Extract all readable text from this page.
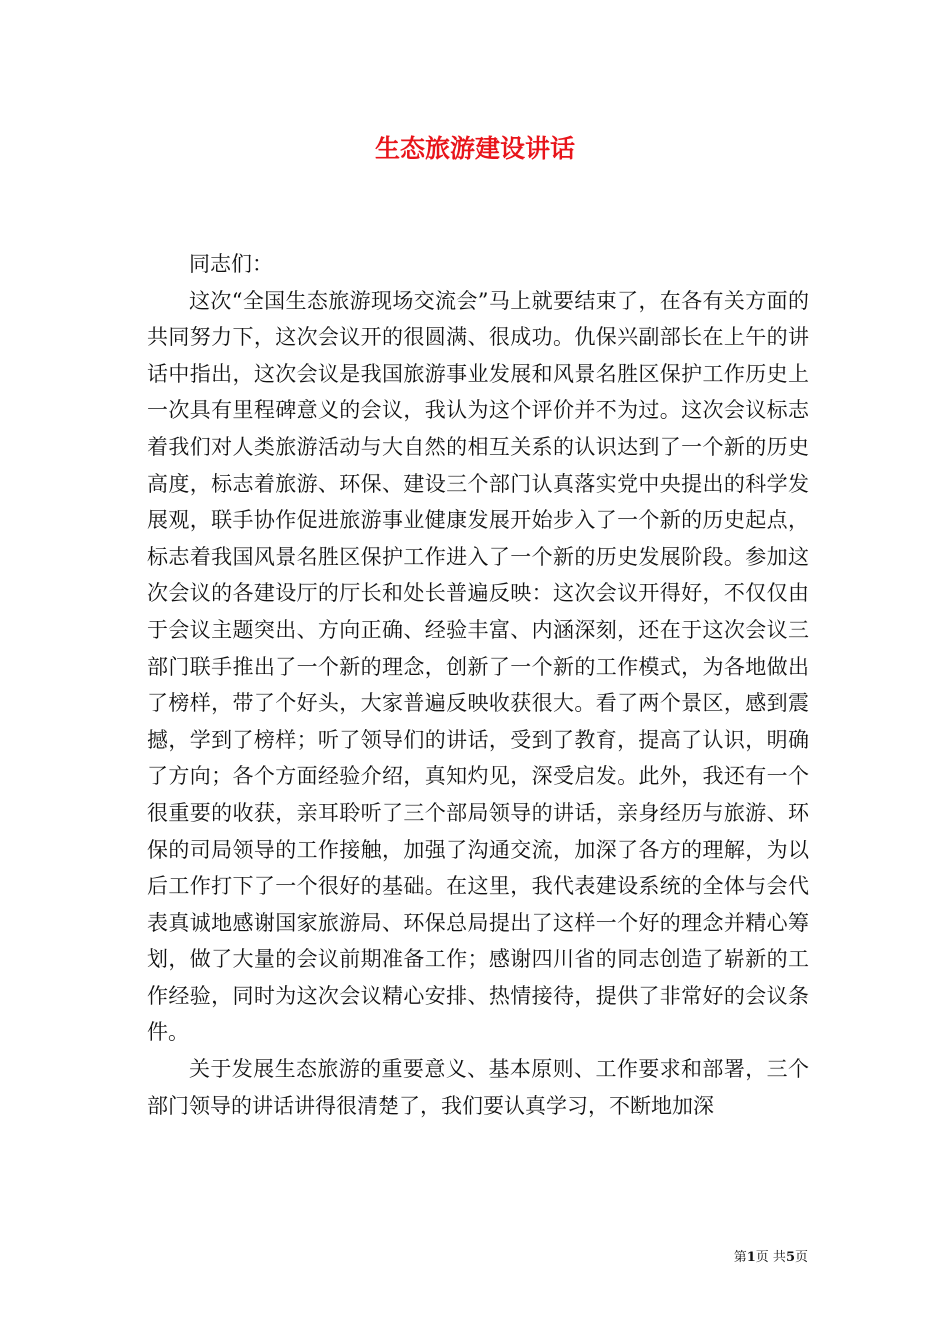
生态旅游建设讲话

同志们：

这次“全国生态旅游现场交流会”马上就要结束了，在各有关方面的共同努力下，这次会议开的很圆满、很成功。仇保兴副部长在上午的讲话中指出，这次会议是我国旅游事业发展和风景名胜区保护工作历史上一次具有里程碑意义的会议，我认为这个评价并不为过。这次会议标志着我们对人类旅游活动与大自然的相互关系的认识达到了一个新的历史高度，标志着旅游、环保、建设三个部门认真落实党中央提出的科学发展观，联手协作促进旅游事业健康发展开始步入了一个新的历史起点，标志着我国风景名胜区保护工作进入了一个新的历史发展阶段。参加这次会议的各建设厅的厅长和处长普遍反映：这次会议开得好，不仅仅由于会议主题突出、方向正确、经验丰富、内涵深刻，还在于这次会议三部门联手推出了一个新的理念，创新了一个新的工作模式，为各地做出了榜样，带了个好头，大家普遍反映收获很大。看了两个景区，感到震撼，学到了榜样；听了领导们的讲话，受到了教育，提高了认识，明确了方向；各个方面经验介绍，真知灼见，深受启发。此外，我还有一个很重要的收获，亲耳聆听了三个部局领导的讲话，亲身经历与旅游、环保的司局领导的工作接触，加强了沟通交流，加深了各方的理解，为以后工作打下了一个很好的基础。在这里，我代表建设系统的全体与会代表真诚地感谢国家旅游局、环保总局提出了这样一个好的理念并精心筹划，做了大量的会议前期准备工作；感谢四川省的同志创造了崭新的工作经验，同时为这次会议精心安排、热情接待，提供了非常好的会议条件。

关于发展生态旅游的重要意义、基本原则、工作要求和部署，三个部门领导的讲话讲得很清楚了，我们要认真学习，不断地加深

第1页 共5页
